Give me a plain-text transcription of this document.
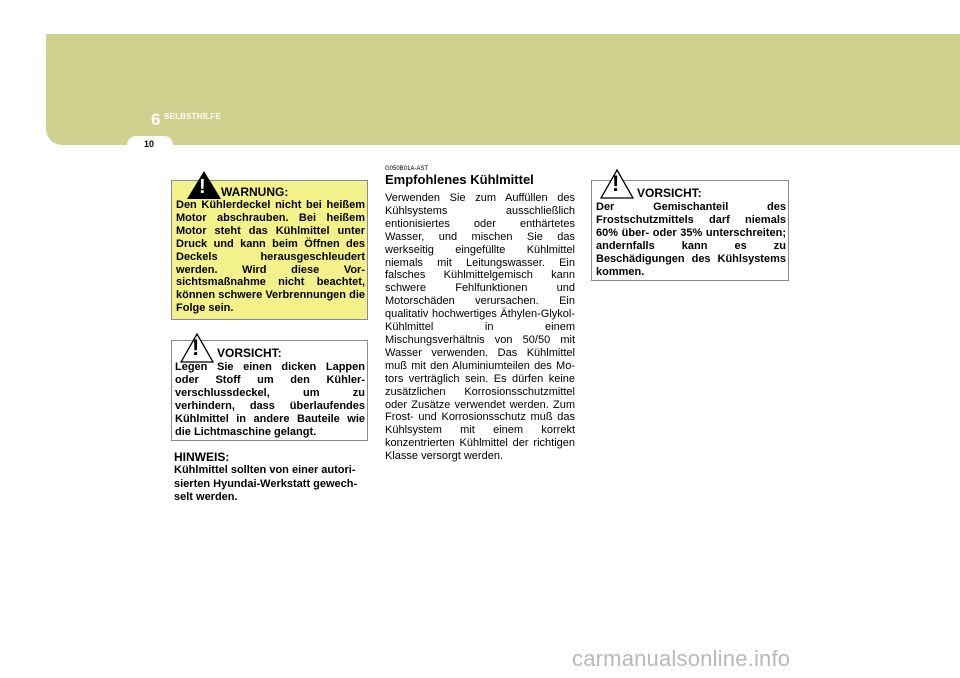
6 SELBSTHILFE
10
! WARNUNG:
Den Kühlerdeckel nicht bei heißem Motor abschrauben. Bei heißem Motor steht das Kühlmittel unter Druck und kann beim Öffnen des Deckels herausgeschleudert werden. Wird diese Vor-sichtsmaßnahme nicht beachtet, können schwere Verbrennungen die Folge sein.
! VORSICHT:
Legen Sie einen dicken Lappen oder Stoff um den Kühler-verschlussdeckel, um zu verhindern, dass überlaufendes Kühlmittel in andere Bauteile wie die Lichtmaschine gelangt.
HINWEIS:
Kühlmittel sollten von einer autori-sierten Hyundai-Werkstatt gewech-selt werden.
G050B01A-AST
Empfohlenes Kühlmittel
Verwenden Sie zum Auffüllen des Kühlsystems ausschließlich entionisiertes oder enthärtetes Wasser, und mischen Sie das werkseitig eingefüllte Kühlmittel niemals mit Leitungswasser. Ein falsches Kühlmittelgemisch kann schwere Fehlfunktionen und Motorschäden verursachen. Ein qualitativ hochwertiges Äthylen-Glykol-Kühlmittel in einem Mischungsverhältnis von 50/50 mit Wasser verwenden. Das Kühlmittel muß mit den Aluminiumteilen des Mo-tors verträglich sein. Es dürfen keine zusätzlichen Korrosionsschutzmittel oder Zusätze verwendet werden. Zum Frost- und Korrosionsschutz muß das Kühlsystem mit einem korrekt konzentrierten Kühlmittel der richtigen Klasse versorgt werden.
! VORSICHT:
Der Gemischanteil des Frostschutzmittels darf niemals 60% über- oder 35% unterschreiten; andernfalls kann es zu Beschädigungen des Kühlsystems kommen.
carmanualsonline.info
